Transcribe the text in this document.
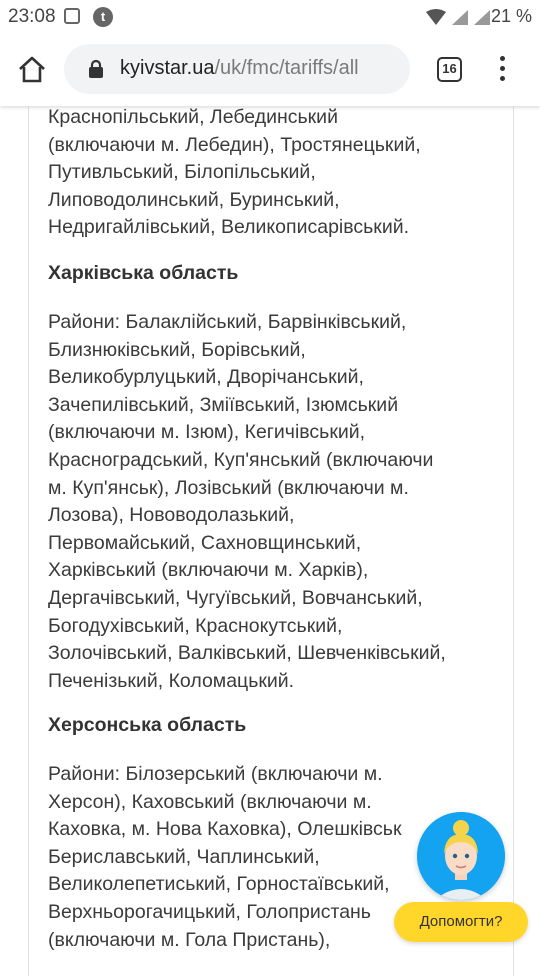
23:08	t	21 %
kyivstar.ua/uk/fmc/tariffs/all	16
Краснопільський, Лебединський
(включаючи м. Лебедин), Тростянецький,
Путивльський, Білопільський,
Липоводолинський, Буринський,
Недригайлівський, Великописарівський.
Харківська область
Райони: Балаклійський, Барвінківський,
Близнюківський, Борівський,
Великобурлуцький, Дворічанський,
Зачепилівський, Зміївський, Ізюмський
(включаючи м. Ізюм), Кегичівський,
Красноградський, Куп'янський (включаючи
м. Куп'янськ), Лозівський (включаючи м.
Лозова), Нововодолазький,
Первомайський, Сахновщинський,
Харківський (включаючи м. Харків),
Дергачівський, Чугуївський, Вовчанський,
Богодухівський, Краснокутський,
Золочівський, Валківський, Шевченківський,
Печенізький, Коломацький.
Херсонська область
Райони: Білозерський (включаючи м.
Херсон), Каховський (включаючи м.
Каховка, м. Нова Каховка), Олешківськ
Бериславський, Чаплинський,
Великолепетиський, Горностаївський,
Верхньорогачицький, Голопристань
(включаючи м. Гола Пристань),
Допомогти?
